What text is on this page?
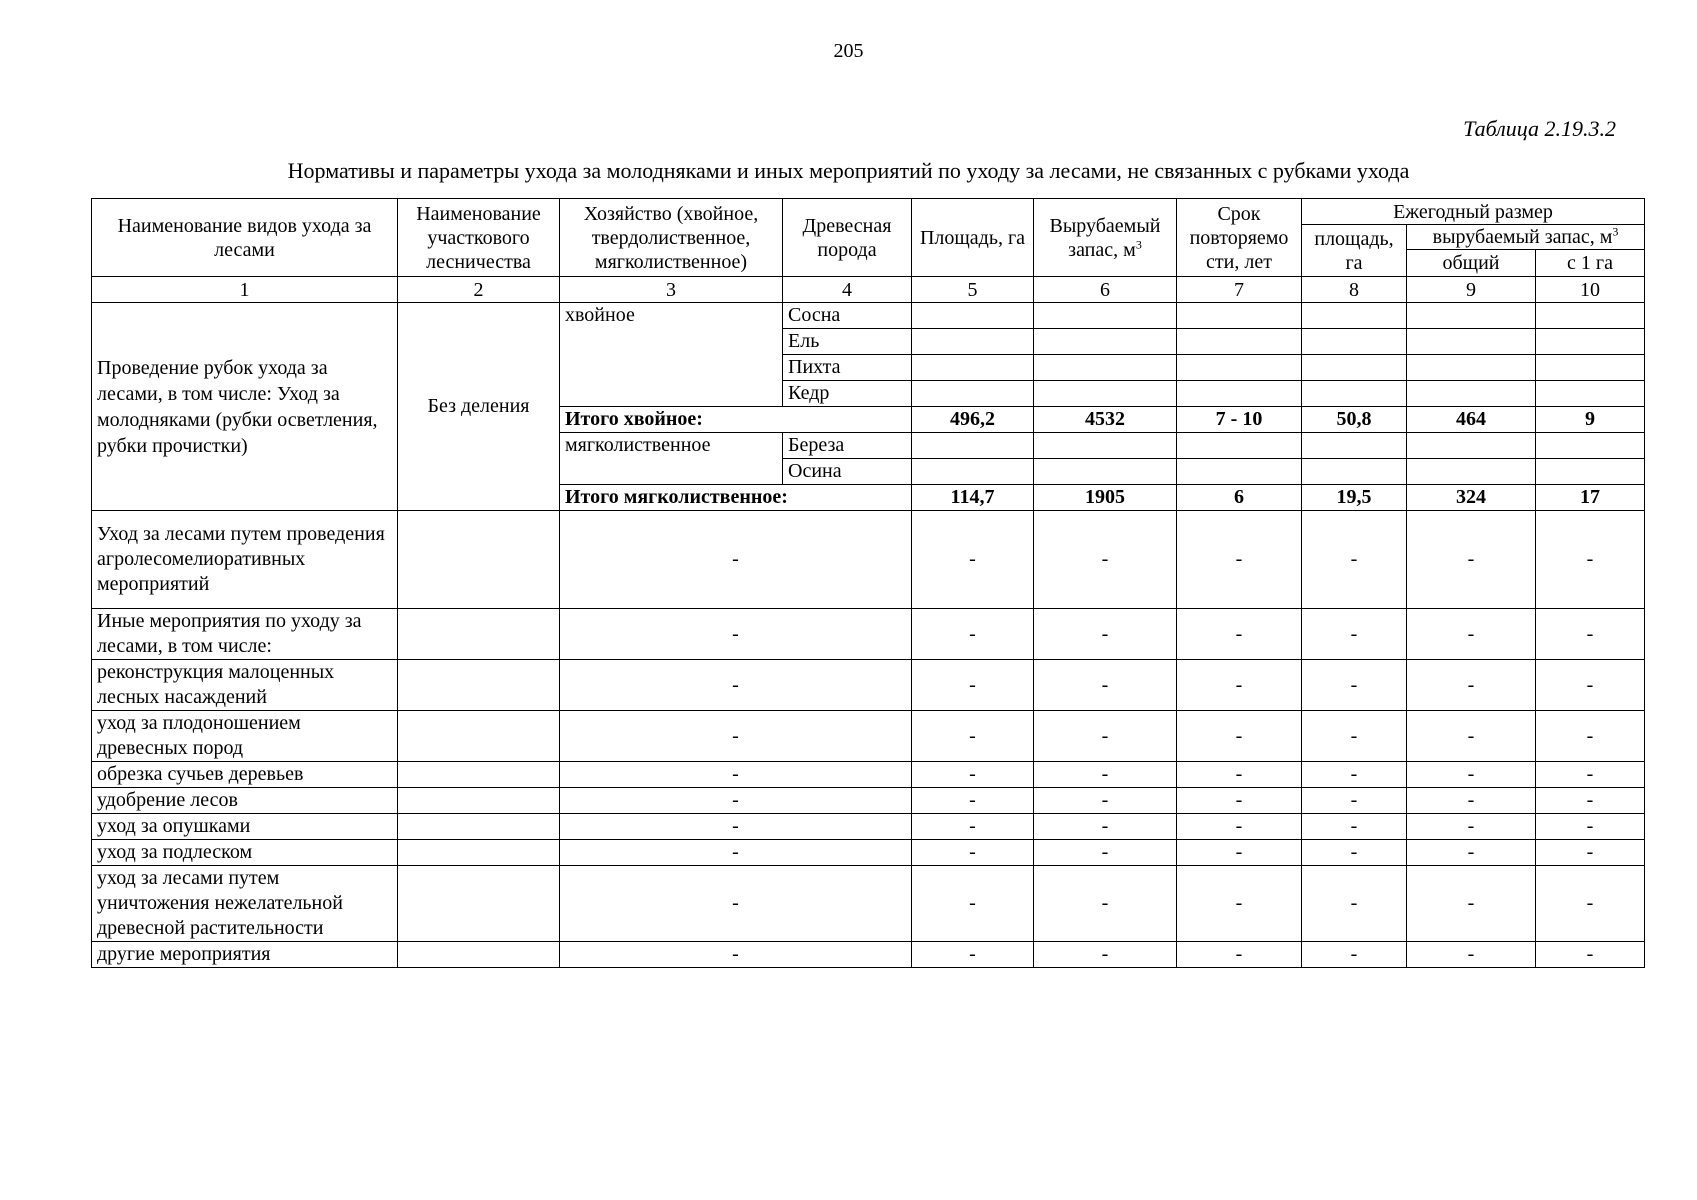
205
Таблица 2.19.3.2
Нормативы и параметры ухода за молодняками и иных мероприятий по уходу за лесами, не связанных с рубками ухода
Наименование видов ухода за лесами	Наименование участкового лесничества	Хозяйство (хвойное, твердолиственное, мягколиственное)	Древесная порода	Площадь, га	Вырубаемый запас, $м^3$	Срок повторяемо сти, лет	Ежегодный размер		
							площадь, га	вырубаемый запас, $м^3$
								общий	с 1 га
1	2	3	4	5	6	7	8	9	10
Проведение рубок ухода за лесами, в том числе: Уход за молодняками (рубки осветления, рубки прочистки)	Без деления	хвойное	Сосна						
			Ель						
			Пихта						
			Кедр						
		Итого хвойное:		496,2	4532	7 - 10	50,8	464	9
		мягколиственное	Береза						
			Осина						
		Итого мягколиственное:		114,7	1905	6	19,5	324	17
Уход за лесами путем проведения агролесомелиоративных мероприятий		-		-	-	-	-	-	-
Иные мероприятия по уходу за лесами, в том числе:		-		-	-	-	-	-	-
реконструкция малоценных лесных насаждений		-		-	-	-	-	-	-
уход за плодоношением древесных пород		-		-	-	-	-	-	-
обрезка сучьев деревьев		-		-	-	-	-	-	-
удобрение лесов		-		-	-	-	-	-	-
уход за опушками		-		-	-	-	-	-	-
уход за подлеском		-		-	-	-	-	-	-
уход за лесами путем уничтожения нежелательной древесной растительности		-		-	-	-	-	-	-
другие мероприятия		-		-	-	-	-	-	-
